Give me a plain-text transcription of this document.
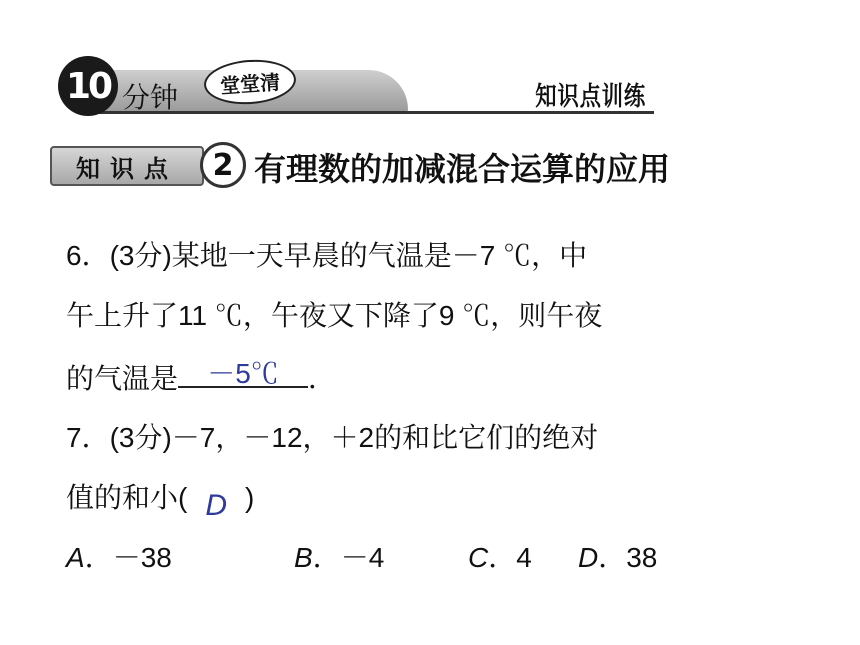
10 分钟	堂堂清	知识点训练
知识点	2 有理数的加减混合运算的应用
6．(3分)某地一天早晨的气温是－7 ℃，中
午上升了11 ℃，午夜又下降了9 ℃，则午夜
的气温是	－5℃	．
7．(3分)－7，－12，＋2的和比它们的绝对
值的和小( D )
A．－38	B．－4	C．4 D．38
